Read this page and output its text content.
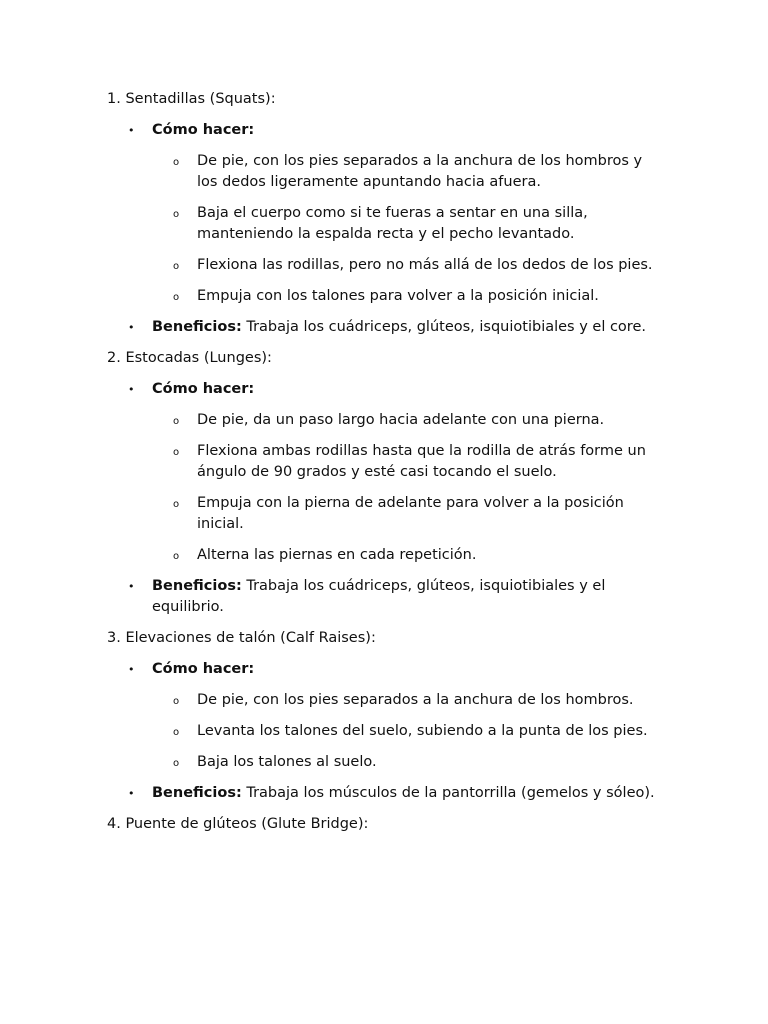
1. Sentadillas (Squats):
• Cómo hacer:
o De pie, con los pies separados a la anchura de los hombros y los dedos ligeramente apuntando hacia afuera.
o Baja el cuerpo como si te fueras a sentar en una silla, manteniendo la espalda recta y el pecho levantado.
o Flexiona las rodillas, pero no más allá de los dedos de los pies.
o Empuja con los talones para volver a la posición inicial.
• Beneficios: Trabaja los cuádriceps, glúteos, isquiotibiales y el core.
2. Estocadas (Lunges):
• Cómo hacer:
o De pie, da un paso largo hacia adelante con una pierna.
o Flexiona ambas rodillas hasta que la rodilla de atrás forme un ángulo de 90 grados y esté casi tocando el suelo.
o Empuja con la pierna de adelante para volver a la posición inicial.
o Alterna las piernas en cada repetición.
• Beneficios: Trabaja los cuádriceps, glúteos, isquiotibiales y el equilibrio.
3. Elevaciones de talón (Calf Raises):
• Cómo hacer:
o De pie, con los pies separados a la anchura de los hombros.
o Levanta los talones del suelo, subiendo a la punta de los pies.
o Baja los talones al suelo.
• Beneficios: Trabaja los músculos de la pantorrilla (gemelos y sóleo).
4. Puente de glúteos (Glute Bridge):
